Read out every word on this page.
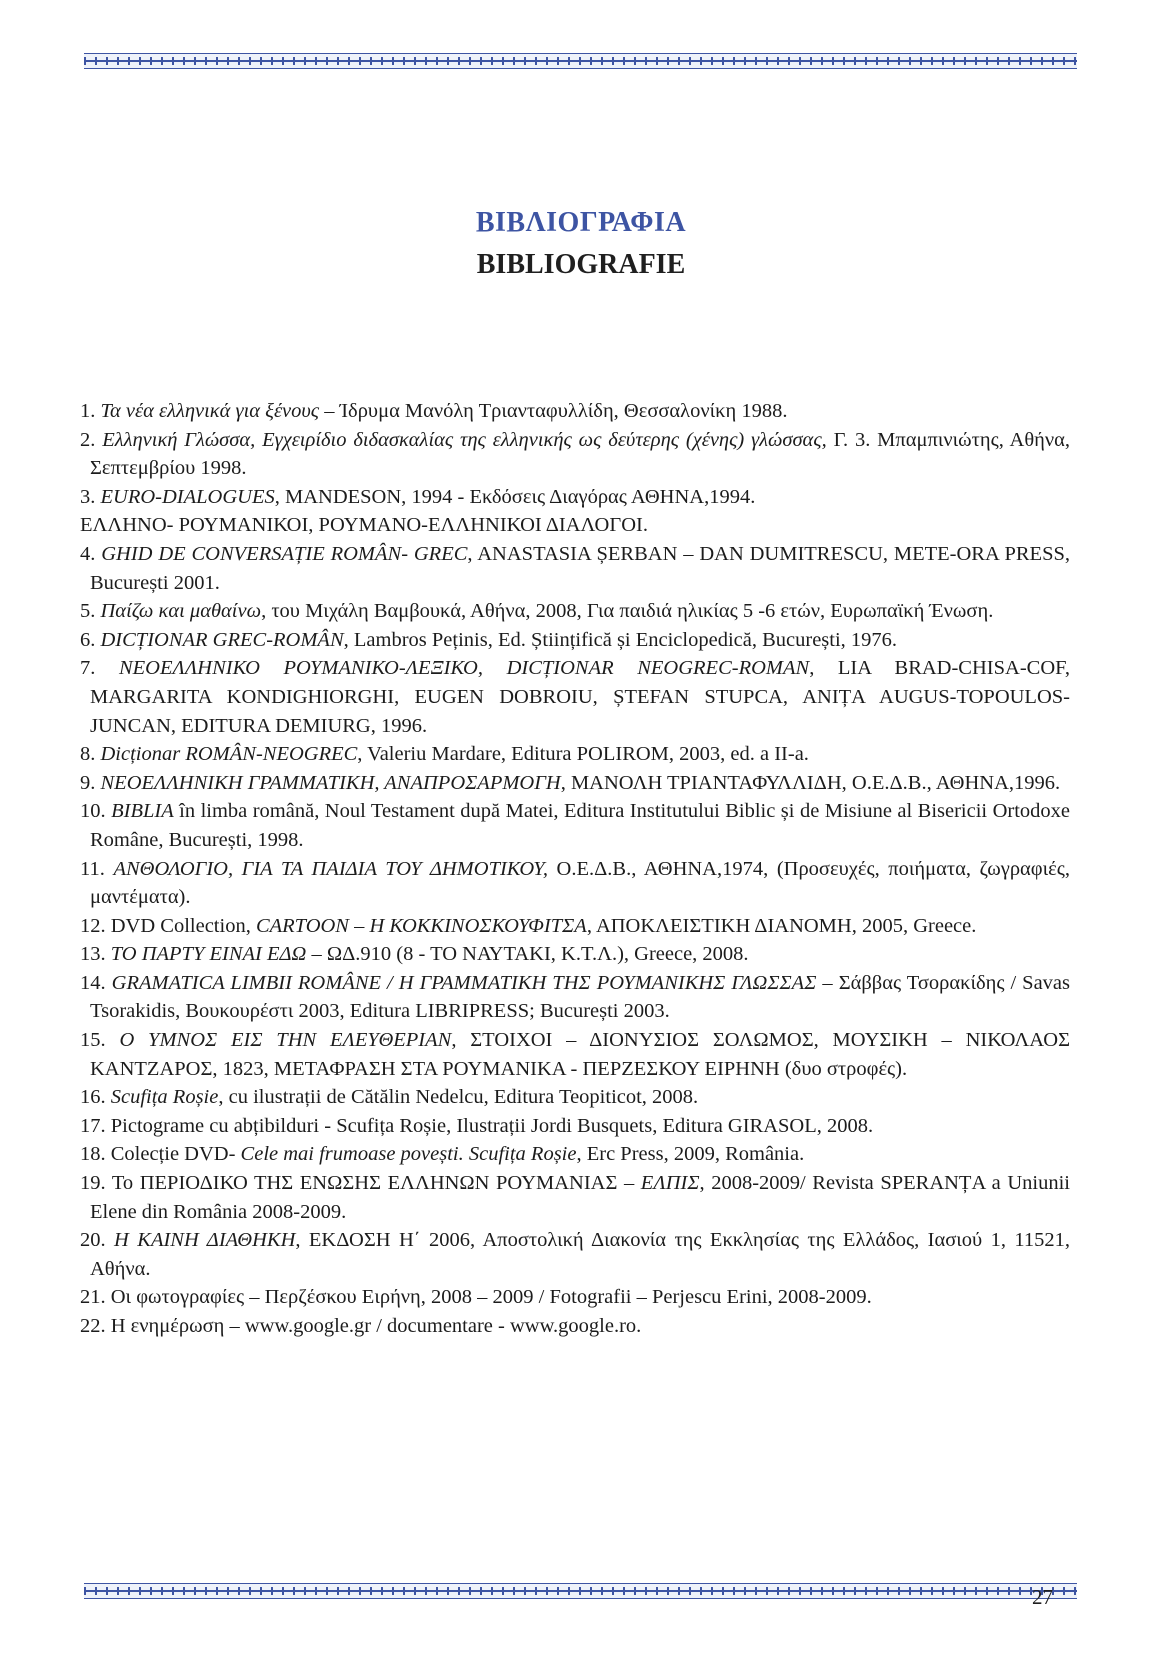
ΒΙΒΛΙΟΓΡΑΦΙΑ
BIBLIOGRAFIE
1. Τα νέα ελληνικά για ξένους – Ίδρυμα Μανόλη Τριανταφυλλίδη, Θεσσαλονίκη 1988.
2. Ελληνική Γλώσσα, Εγχειρίδιο διδασκαλίας της ελληνικής ως δεύτερης (χένης) γλώσσας, Γ. 3. Μπαμπινιώτης, Αθήνα, Σεπτεμβρίου 1998.
3. EURO-DIALOGUES, MANDESON, 1994 - Εκδόσεις Διαγόρας ΑΘΗΝΑ,1994.
ΕΛΛΗΝΟ- ΡΟΥΜΑΝΙΚΟΙ, ΡΟΥΜΑΝΟ-ΕΛΛΗΝΙΚΟΙ ΔΙΑΛΟΓΟΙ.
4. GHID DE CONVERSAȚIE ROMÂN- GREC, ANASTASIA ȘERBAN – DAN DUMITRESCU, METE-ORA PRESS, București 2001.
5. Παίζω και μαθαίνω, του Μιχάλη Βαμβουκά, Αθήνα, 2008, Για παιδιά ηλικίας 5 -6 ετών, Ευρωπαϊκή Ένωση.
6. DICȚIONAR GREC-ROMÂN, Lambros Peținis, Ed. Științifică și Enciclopedică, București, 1976.
7. ΝΕΟΕΛΛΗΝΙΚΟ ΡΟΥΜΑΝΙΚΟ-ΛΕΞΙΚΟ, DICȚIONAR NEOGREC-ROMAN, LIA BRAD-CHISA-COF, MARGARITA KONDIGHIORGHI, EUGEN DOBROIU, ȘTEFAN STUPCA, ANIȚA AUGUS-TOPOULOS-JUNCAN, EDITURA DEMIURG, 1996.
8. Dicționar ROMÂN-NEOGREC, Valeriu Mardare, Editura POLIROM, 2003, ed. a II-a.
9. ΝΕΟΕΛΛΗΝΙΚΗ ΓΡΑΜΜΑΤΙΚΗ, ΑΝΑΠΡΟΣΑΡΜΟΓΗ, ΜΑΝΟΛΗ ΤΡΙΑΝΤΑΦΥΛΛΙΔΗ, Ο.Ε.Δ.Β., ΑΘΗΝΑ,1996.
10. BIBLIA în limba română, Noul Testament după Matei, Editura Institutului Biblic și de Misiune al Bisericii Ortodoxe Române, București, 1998.
11. ΑΝΘΟΛΟΓΙΟ, ΓΙΑ ΤΑ ΠΑΙΔΙΑ ΤΟΥ ΔΗΜΟΤΙΚΟΥ, Ο.Ε.Δ.Β., ΑΘΗΝΑ,1974, (Προσευχές, ποιήματα, ζωγραφιές, μαντέματα).
12. DVD Collection, CARTOON – Η ΚΟΚΚΙΝΟΣΚΟΥΦΙΤΣΑ, ΑΠΟΚΛΕΙΣΤΙΚΗ ΔΙΑΝΟΜΗ, 2005, Greece.
13. ΤΟ ΠΑΡΤΥ ΕΙΝΑΙ ΕΔΩ – ΩΔ.910 (8 - ΤΟ ΝΑΥΤΑΚΙ, Κ.Τ.Λ.), Greece, 2008.
14. GRAMATICA LIMBII ROMÂNE / Η ΓΡΑΜΜΑΤΙΚΗ ΤΗΣ ΡΟΥΜΑΝΙΚΗΣ ΓΛΩΣΣΑΣ – Σάββας Τσορακίδης / Savas Tsorakidis, Βουκουρέστι 2003, Editura LIBRIPRESS; București 2003.
15. Ο ΥΜΝΟΣ ΕΙΣ ΤΗΝ ΕΛΕΥΘΕΡΙΑΝ, ΣΤΟΙΧΟΙ – ΔΙΟΝΥΣΙΟΣ ΣΟΛΩΜΟΣ, ΜΟΥΣΙΚΗ – ΝΙΚΟΛΑΟΣ ΚΑΝΤΖΑΡΟΣ, 1823, ΜΕΤΑΦΡΑΣΗ ΣΤΑ ΡΟΥΜΑΝΙΚΑ - ΠΕΡΖΕΣΚΟΥ ΕΙΡΗΝΗ (δυο στροφές).
16. Scufița Roșie, cu ilustrații de Cătălin Nedelcu, Editura Teopiticot, 2008.
17. Pictograme cu abțibilduri - Scufița Roșie, Ilustrații Jordi Busquets, Editura GIRASOL, 2008.
18. Colecție DVD- Cele mai frumoase povești. Scufița Roșie, Erc Press, 2009, România.
19. Το ΠΕΡΙΟΔΙΚΟ ΤΗΣ ΕΝΩΣΗΣ ΕΛΛΗΝΩΝ ΡΟΥΜΑΝΙΑΣ – ΕΛΠΙΣ, 2008-2009/ Revista SPERANȚA a Uniunii Elene din România 2008-2009.
20. Η ΚΑΙΝΗ ΔΙΑΘΗΚΗ, ΕΚΔΟΣΗ Η΄ 2006, Αποστολική Διακονία της Εκκλησίας της Ελλάδος, Ιασιού 1, 11521, Αθήνα.
21. Οι φωτογραφίες – Περζέσκου Ειρήνη, 2008 – 2009 / Fotografii – Perjescu Erini, 2008-2009.
22. Η ενημέρωση – www.google.gr / documentare - www.google.ro.
27
